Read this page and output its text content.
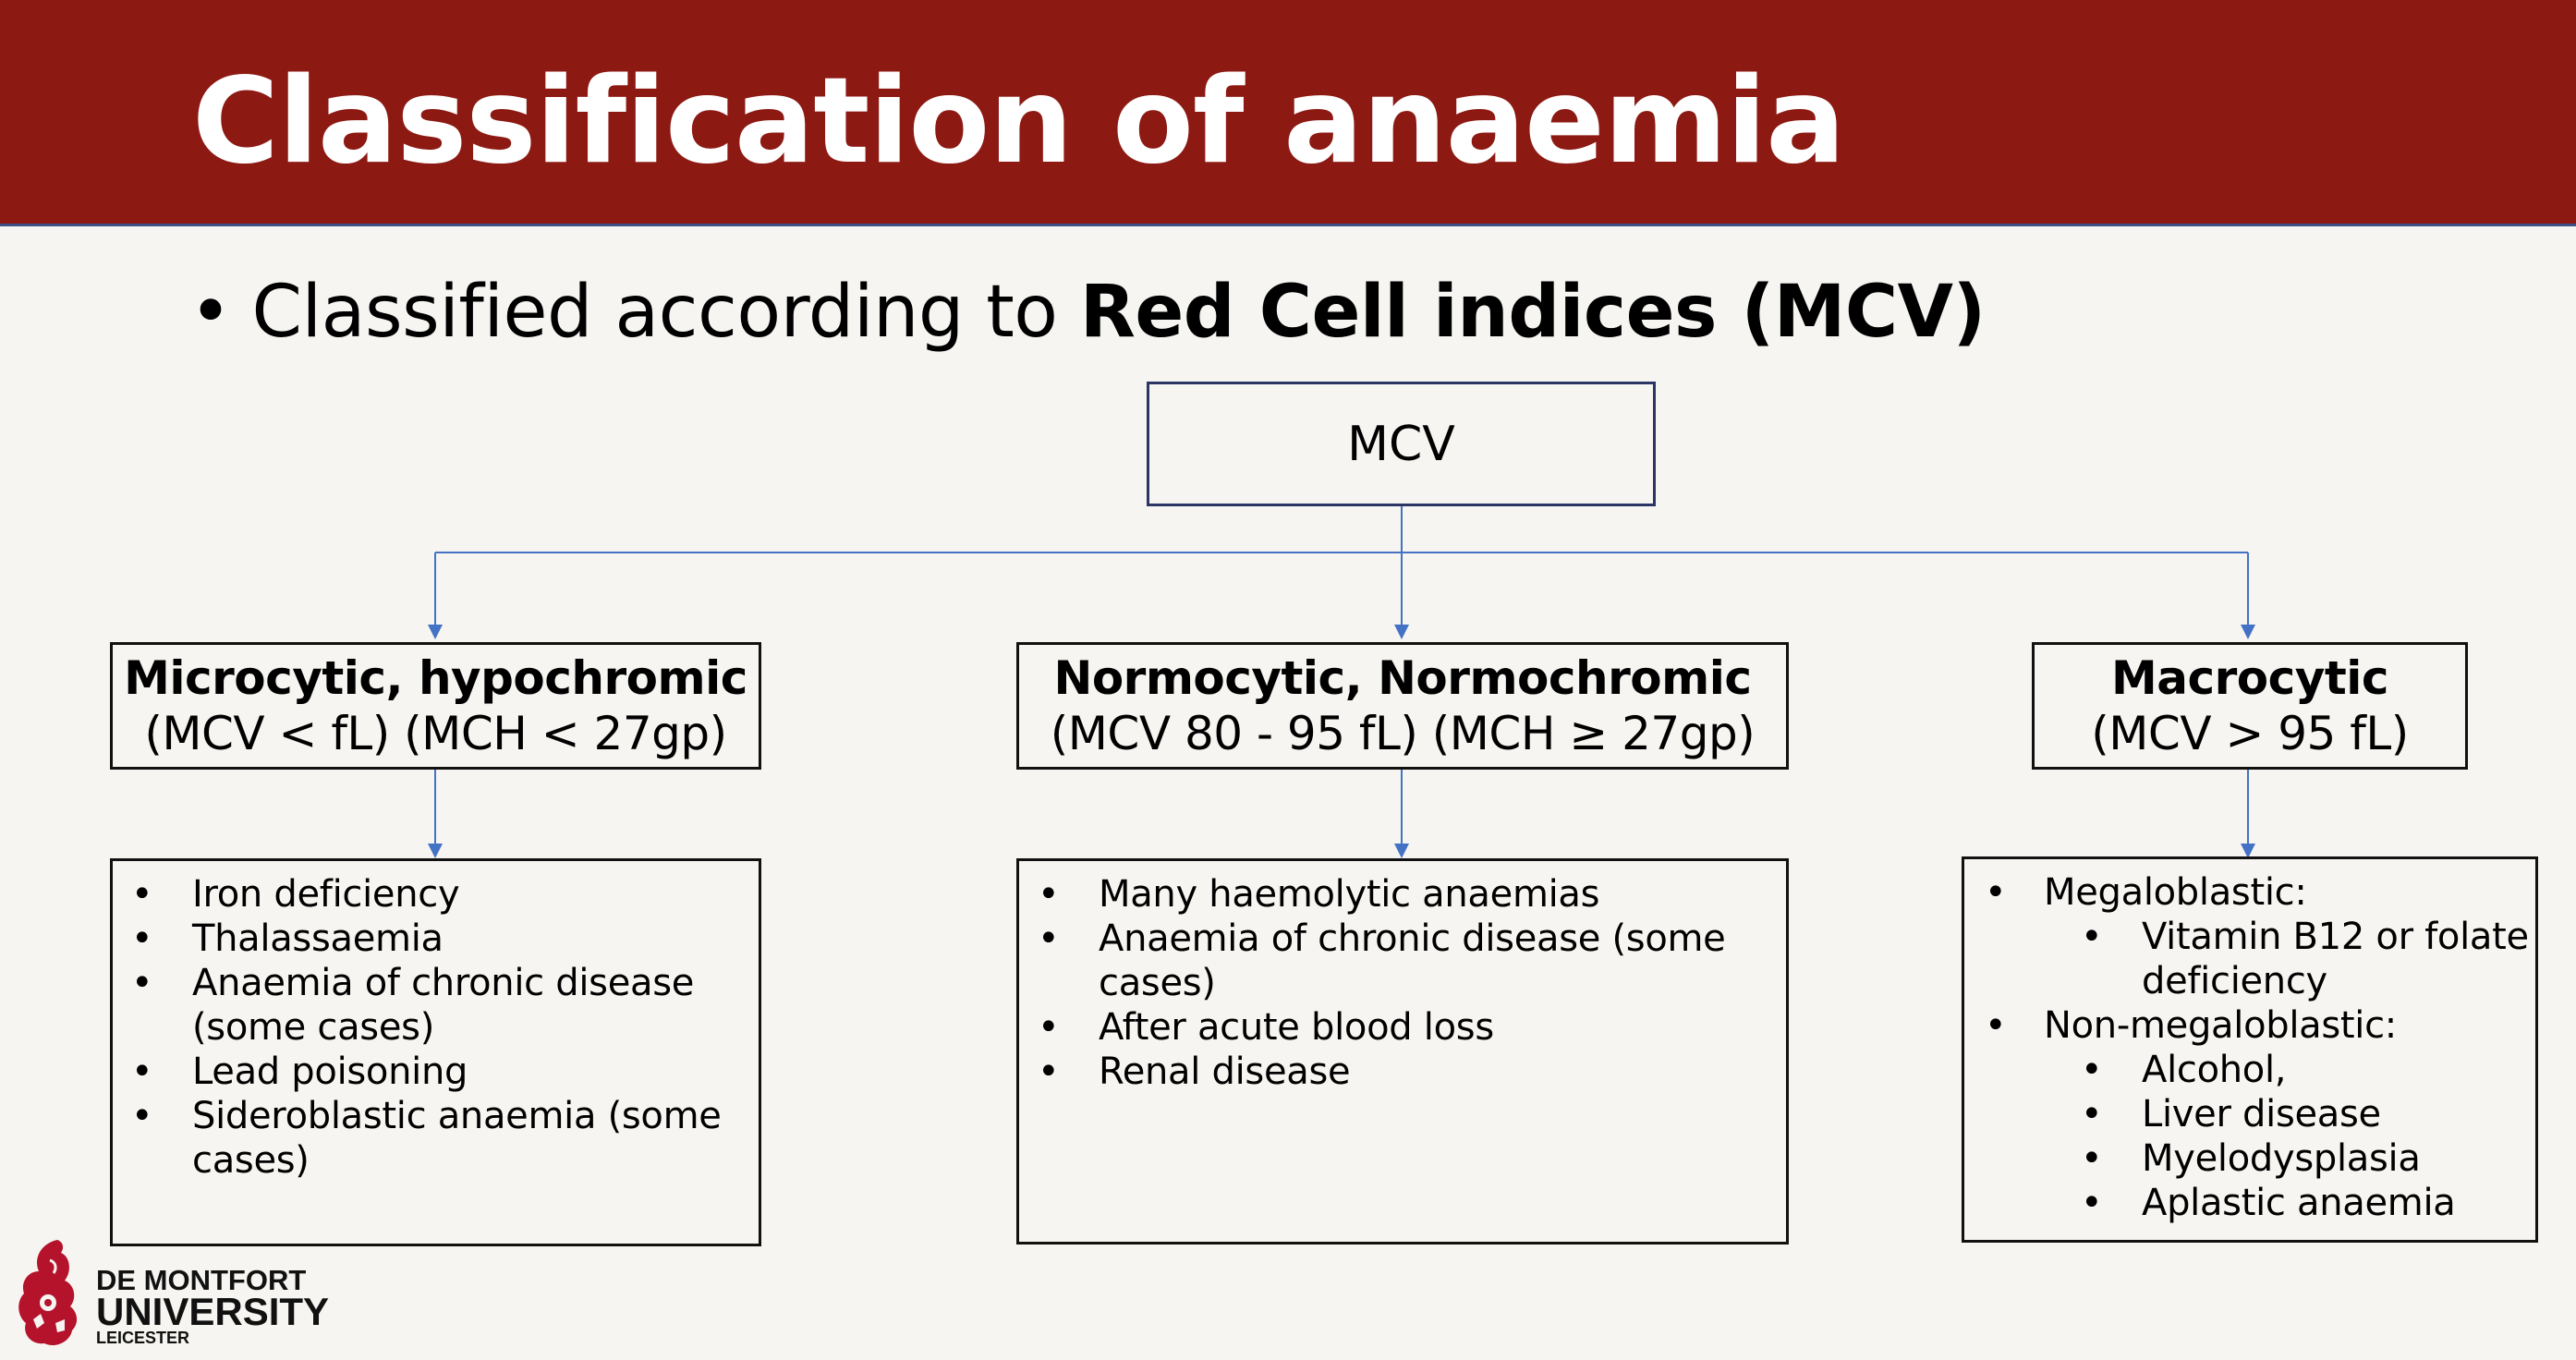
Classification of anaemia
• Classified according to Red Cell indices (MCV)
MCV
Microcytic, hypochromic
(MCV < fL) (MCH < 27gp)
Normocytic, Normochromic
(MCV 80 - 95 fL) (MCH ≥ 27gp)
Macrocytic
(MCV > 95 fL)
• Iron deficiency
• Thalassaemia
• Anaemia of chronic disease
(some cases)
• Lead poisoning
• Sideroblastic anaemia (some
cases)
• Many haemolytic anaemias
• Anaemia of chronic disease (some
cases)
• After acute blood loss
• Renal disease
• Megaloblastic:
• Vitamin B12 or folate
deficiency
• Non-megaloblastic:
• Alcohol,
• Liver disease
• Myelodysplasia
• Aplastic anaemia
DE MONTFORT
UNIVERSITY
LEICESTER
